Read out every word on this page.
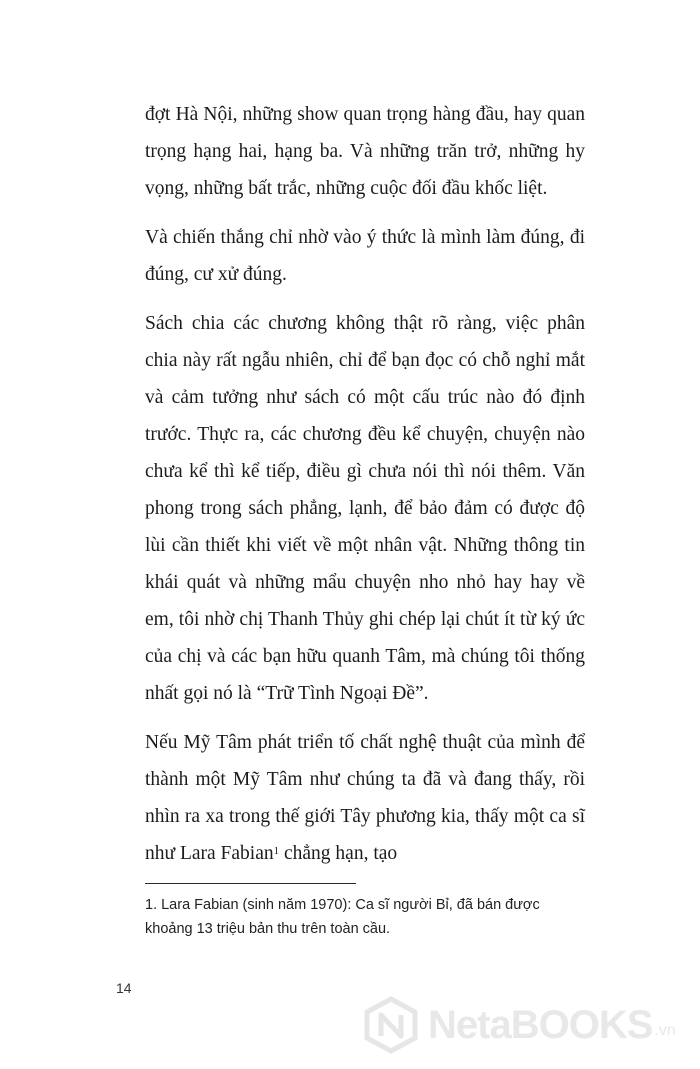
đợt Hà Nội, những show quan trọng hàng đầu, hay quan trọng hạng hai, hạng ba. Và những trăn trở, những hy vọng, những bất trắc, những cuộc đối đầu khốc liệt.

Và chiến thắng chỉ nhờ vào ý thức là mình làm đúng, đi đúng, cư xử đúng.

Sách chia các chương không thật rõ ràng, việc phân chia này rất ngẫu nhiên, chỉ để bạn đọc có chỗ nghỉ mắt và cảm tưởng như sách có một cấu trúc nào đó định trước. Thực ra, các chương đều kể chuyện, chuyện nào chưa kể thì kể tiếp, điều gì chưa nói thì nói thêm. Văn phong trong sách phẳng, lạnh, để bảo đảm có được độ lùi cần thiết khi viết về một nhân vật. Những thông tin khái quát và những mẩu chuyện nho nhỏ hay hay về em, tôi nhờ chị Thanh Thủy ghi chép lại chút ít từ ký ức của chị và các bạn hữu quanh Tâm, mà chúng tôi thống nhất gọi nó là “Trữ Tình Ngoại Đề”.

Nếu Mỹ Tâm phát triển tố chất nghệ thuật của mình để thành một Mỹ Tâm như chúng ta đã và đang thấy, rồi nhìn ra xa trong thế giới Tây phương kia, thấy một ca sĩ như Lara Fabian$^1$ chẳng hạn, tạo

1. Lara Fabian (sinh năm 1970): Ca sĩ người Bỉ, đã bán được khoảng 13 triệu bản thu trên toàn cầu.

14
NetaBOOKS .vn
